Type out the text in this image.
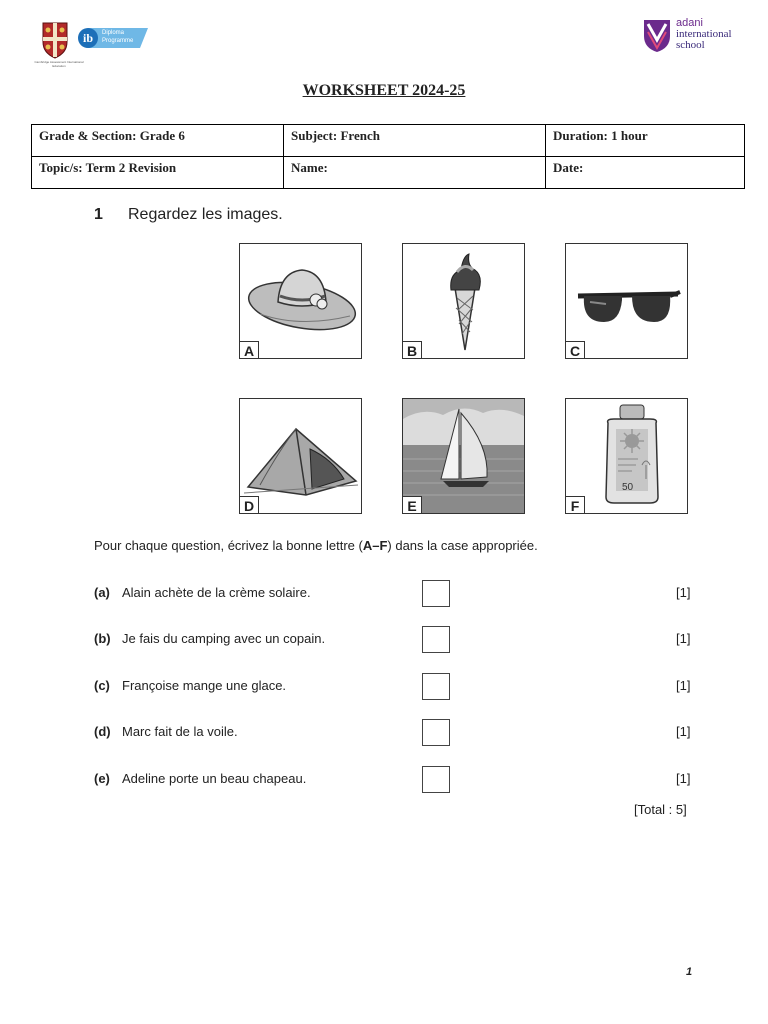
Cambridge Assessment International Education
ib Diploma Programme
adani
international
school
WORKSHEET 2024-25
Grade & Section: Grade 6	Subject: French	Duration: 1 hour
Topic/s: Term 2 Revision	Name:	Date:
1 Regardez les images.
A	B	C
D	E
50
F
Pour chaque question, écrivez la bonne lettre (A–F) dans la case appropriée.
(a) Alain achète de la crème solaire.	[1]
(b) Je fais du camping avec un copain.	[1]
(c) Françoise mange une glace.	[1]
(d) Marc fait de la voile.	[1]
(e) Adeline porte un beau chapeau.	[1]
[Total : 5]
1
